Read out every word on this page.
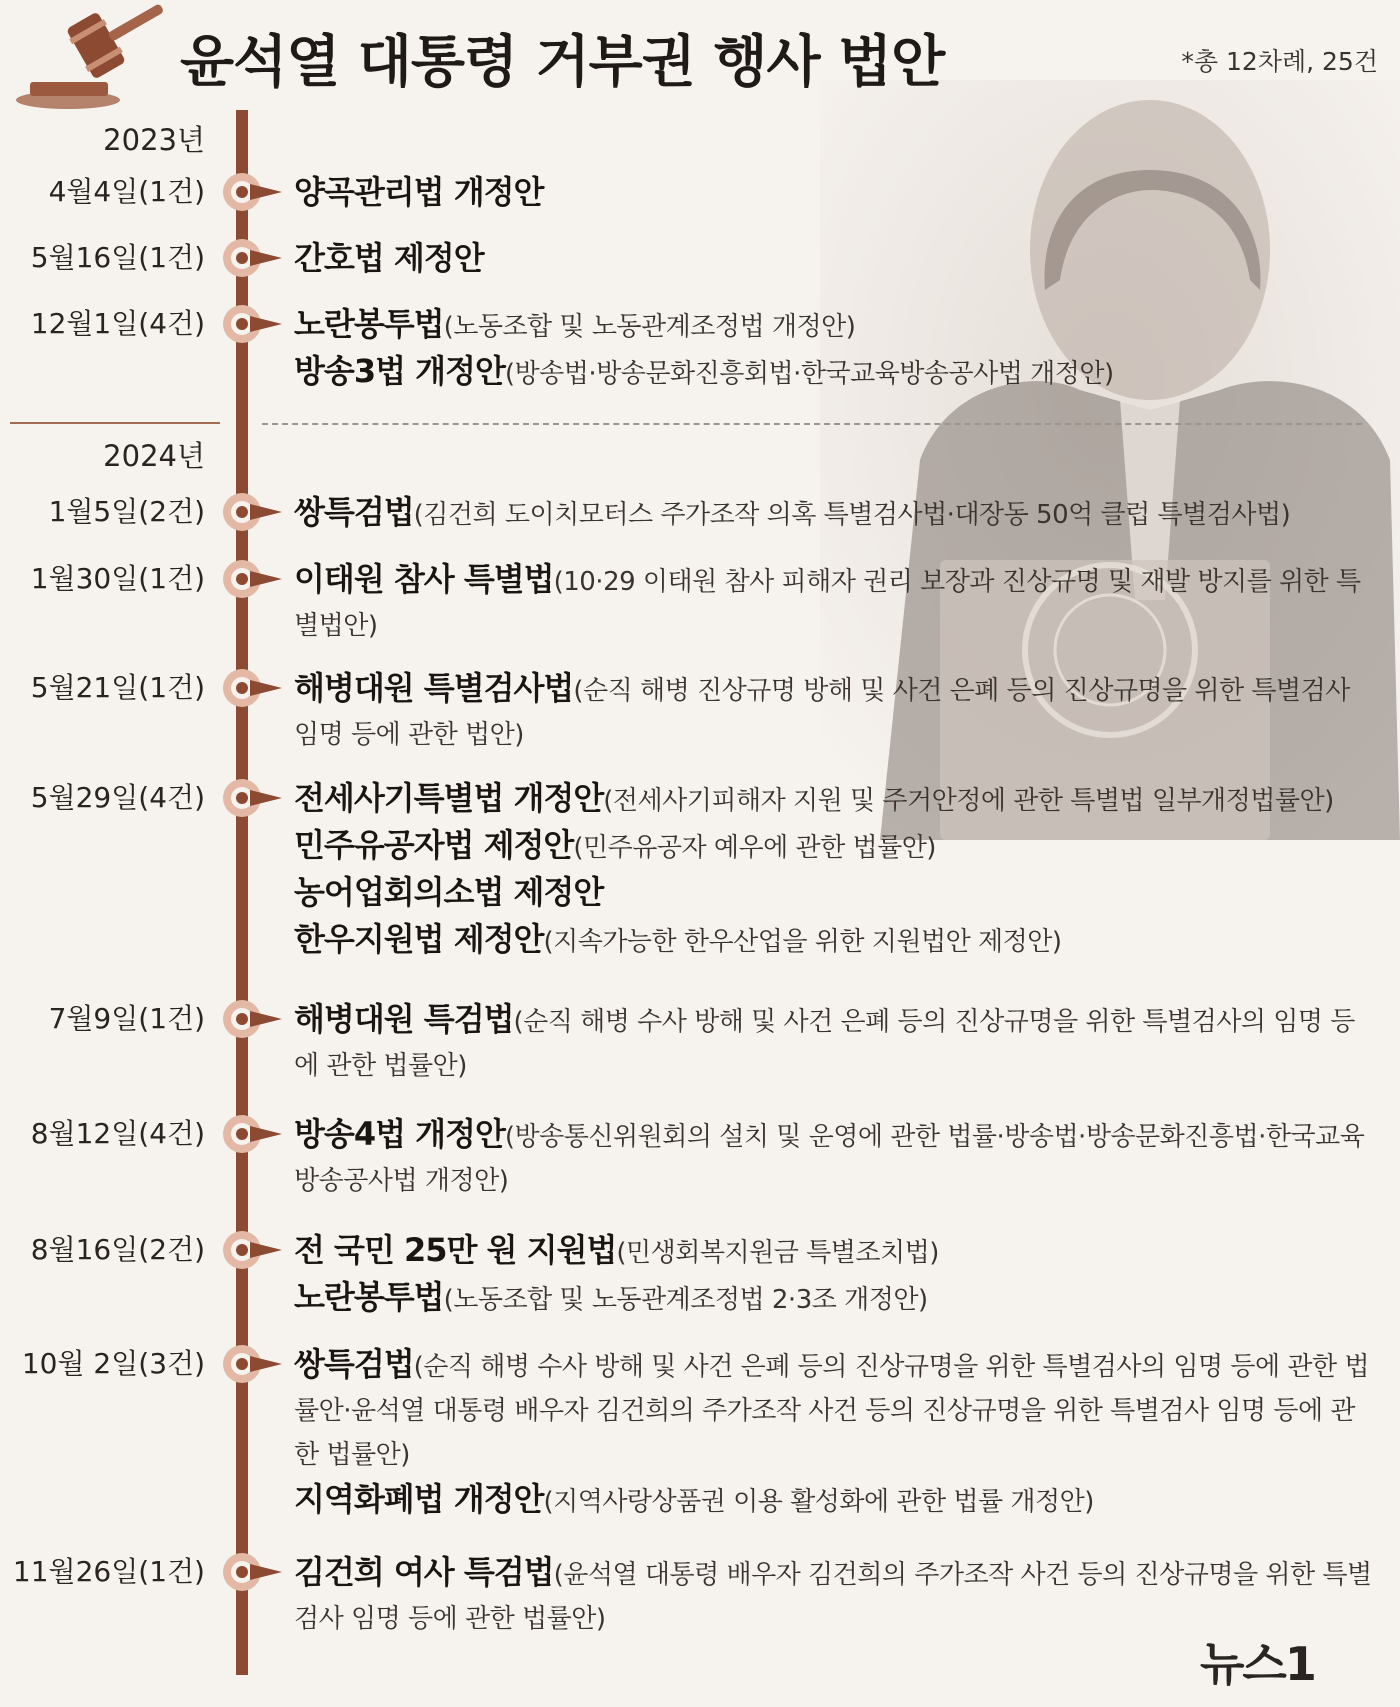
윤석열 대통령 거부권 행사 법안	*총 12차례, 25건
2023년
2024년
4월4일(1건)	양곡관리법 개정안
5월16일(1건)	간호법 제정안
12월1일(4건)	노란봉투법(노동조합 및 노동관계조정법 개정안)
방송3법 개정안(방송법·방송문화진흥회법·한국교육방송공사법 개정안)
1월5일(2건)	쌍특검법(김건희 도이치모터스 주가조작 의혹 특별검사법·대장동 50억 클럽 특별검사법)
1월30일(1건)	이태원 참사 특별법(10·29 이태원 참사 피해자 권리 보장과 진상규명 및 재발 방지를 위한 특별법안)
5월21일(1건)	해병대원 특별검사법(순직 해병 진상규명 방해 및 사건 은폐 등의 진상규명을 위한 특별검사 임명 등에 관한 법안)
5월29일(4건)	전세사기특별법 개정안(전세사기피해자 지원 및 주거안정에 관한 특별법 일부개정법률안)
민주유공자법 제정안(민주유공자 예우에 관한 법률안)
농어업회의소법 제정안
한우지원법 제정안(지속가능한 한우산업을 위한 지원법안 제정안)
7월9일(1건)	해병대원 특검법(순직 해병 수사 방해 및 사건 은폐 등의 진상규명을 위한 특별검사의 임명 등에 관한 법률안)
8월12일(4건)	방송4법 개정안(방송통신위원회의 설치 및 운영에 관한 법률·방송법·방송문화진흥법·한국교육방송공사법 개정안)
8월16일(2건)	전 국민 25만 원 지원법(민생회복지원금 특별조치법)
노란봉투법(노동조합 및 노동관계조정법 2·3조 개정안)
10월 2일(3건)	쌍특검법(순직 해병 수사 방해 및 사건 은폐 등의 진상규명을 위한 특별검사의 임명 등에 관한 법률안·윤석열 대통령 배우자 김건희의 주가조작 사건 등의 진상규명을 위한 특별검사 임명 등에 관한 법률안)
지역화폐법 개정안(지역사랑상품권 이용 활성화에 관한 법률 개정안)
11월26일(1건)	김건희 여사 특검법(윤석열 대통령 배우자 김건희의 주가조작 사건 등의 진상규명을 위한 특별검사 임명 등에 관한 법률안)
뉴스1
